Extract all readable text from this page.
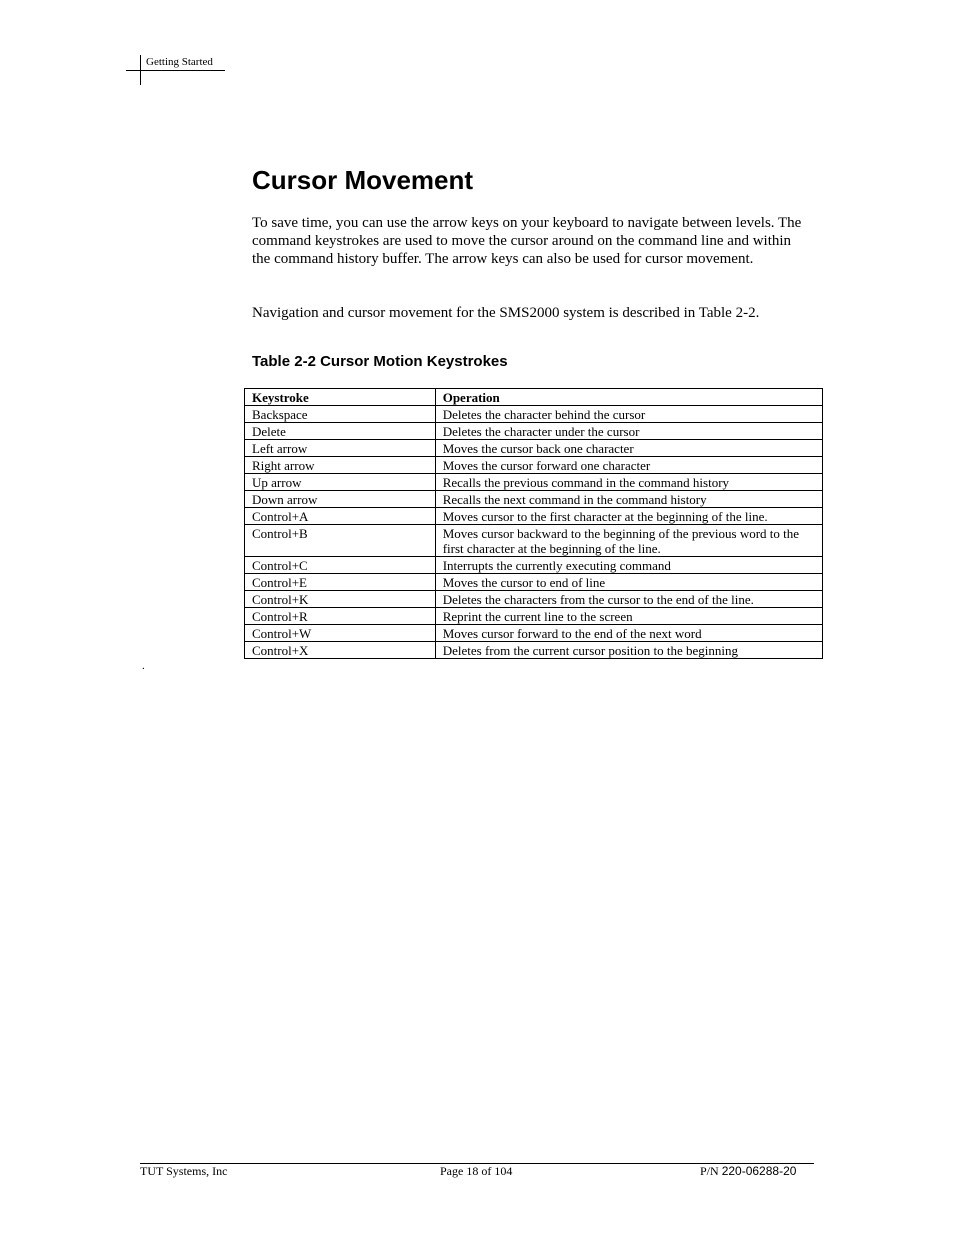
Getting Started
Cursor Movement

To save time, you can use the arrow keys on your keyboard to navigate between levels. The command keystrokes are used to move the cursor around on the command line and within the command history buffer. The arrow keys can also be used for cursor movement.

Navigation and cursor movement for the SMS2000 system is described in Table 2-2.

Table 2-2 Cursor Motion Keystrokes

Keystroke	Operation
Backspace	Deletes the character behind the cursor
Delete	Deletes the character under the cursor
Left arrow	Moves the cursor back one character
Right arrow	Moves the cursor forward one character
Up arrow	Recalls the previous command in the command history
Down arrow	Recalls the next command in the command history
Control+A	Moves cursor to the first character at the beginning of the line.
Control+B	Moves cursor backward to the beginning of the previous word to the first character at the beginning of the line.
Control+C	Interrupts the currently executing command
Control+E	Moves the cursor to end of line
Control+K	Deletes the characters from the cursor to the end of the line.
Control+R	Reprint the current line to the screen
Control+W	Moves cursor forward to the end of the next word
Control+X	Deletes from the current cursor position to the beginning
.
TUT Systems, Inc	Page 18 of 104	P/N 220-06288-20
